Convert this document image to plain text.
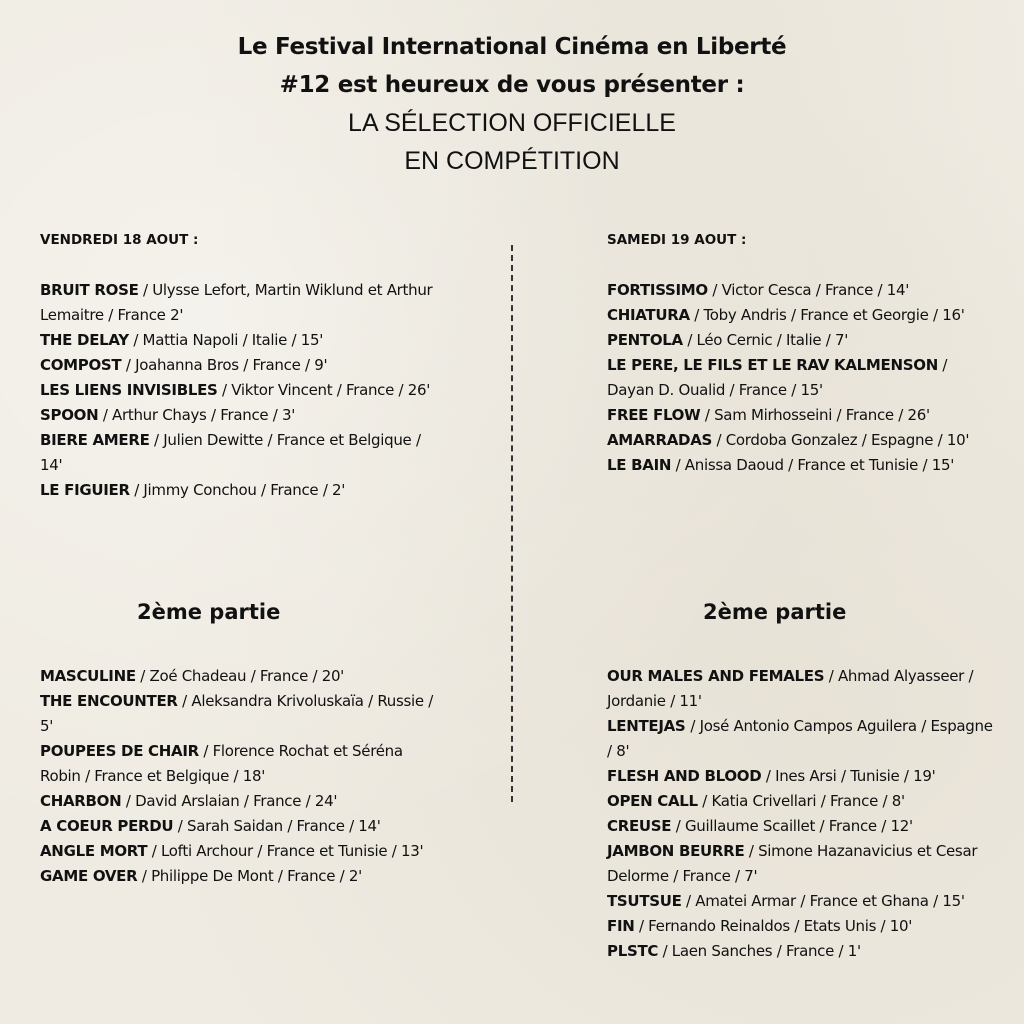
Le Festival International Cinéma en Liberté
#12 est heureux de vous présenter :
LA SÉLECTION OFFICIELLE
EN COMPÉTITION
VENDREDI 18 AOUT :
BRUIT ROSE / Ulysse Lefort, Martin Wiklund et Arthur Lemaitre / France 2'
THE DELAY / Mattia Napoli / Italie / 15'
COMPOST / Joahanna Bros / France / 9'
LES LIENS INVISIBLES / Viktor Vincent / France / 26'
SPOON / Arthur Chays / France / 3'
BIERE AMERE / Julien Dewitte / France et Belgique / 14'
LE FIGUIER / Jimmy Conchou / France / 2'
2ème partie
MASCULINE / Zoé Chadeau / France / 20'
THE ENCOUNTER / Aleksandra Krivoluskaïa / Russie / 5'
POUPEES DE CHAIR / Florence Rochat et Séréna Robin / France et Belgique / 18'
CHARBON / David Arslaian / France / 24'
A COEUR PERDU / Sarah Saidan / France / 14'
ANGLE MORT / Lofti Archour / France et Tunisie / 13'
GAME OVER / Philippe De Mont / France / 2'
SAMEDI 19 AOUT :
FORTISSIMO / Victor Cesca / France / 14'
CHIATURA / Toby Andris / France et Georgie / 16'
PENTOLA / Léo Cernic / Italie / 7'
LE PERE, LE FILS ET LE RAV KALMENSON / Dayan D. Oualid / France / 15'
FREE FLOW / Sam Mirhosseini / France / 26'
AMARRADAS / Cordoba Gonzalez / Espagne / 10'
LE BAIN / Anissa Daoud / France et Tunisie / 15'
2ème partie
OUR MALES AND FEMALES / Ahmad Alyasseer / Jordanie / 11'
LENTEJAS / José Antonio Campos Aguilera / Espagne / 8'
FLESH AND BLOOD / Ines Arsi / Tunisie / 19'
OPEN CALL / Katia Crivellari / France / 8'
CREUSE / Guillaume Scaillet / France / 12'
JAMBON BEURRE / Simone Hazanavicius et Cesar Delorme / France / 7'
TSUTSUE / Amatei Armar / France et Ghana / 15'
FIN / Fernando Reinaldos / Etats Unis / 10'
PLSTC / Laen Sanches / France / 1'
